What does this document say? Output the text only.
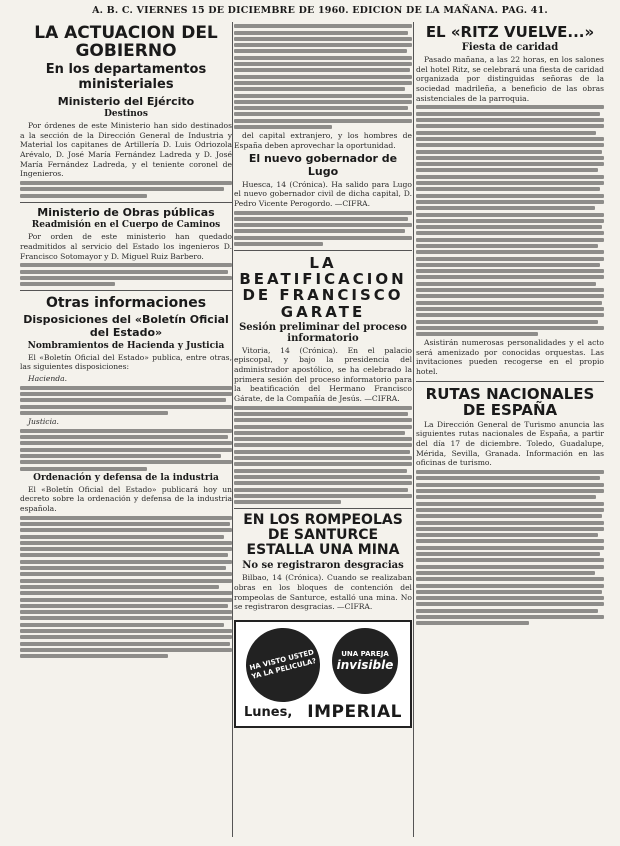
A. B. C. VIERNES 15 DE DICIEMBRE DE 1960. EDICION DE LA MAÑANA. PAG. 41.
LA ACTUACION DEL GOBIERNO
En los departamentos ministeriales
Ministerio del Ejército
Destinos
Por órdenes de este Ministerio han sido destinados a la sección de la Dirección General de Industria y Material los capitanes de Artillería D. Luis Odriozola Arévalo, D. José María Fernández Ladreda y D. José María Fernández Ladreda, y el teniente coronel de Ingenieros.
Ministerio de Obras públicas
Readmisión en el Cuerpo de Caminos
Por orden de este ministerio han quedado readmitidos al servicio del Estado los ingenieros D. Francisco Sotomayor y D. Miguel Ruiz Barbero.
Otras informaciones
Disposiciones del «Boletín Oficial del Estado»
Nombramientos de Hacienda y Justicia
El «Boletín Oficial del Estado» publica, entre otras, las siguientes disposiciones:
Hacienda.
Justicia.
Ordenación y defensa de la industria
El «Boletín Oficial del Estado» publicará hoy un decreto sobre la ordenación y defensa de la industria española.
del capital extranjero, y los hombres de España deben aprovechar la oportunidad.
El nuevo gobernador de Lugo
Huesca, 14 (Crónica). Ha salido para Lugo el nuevo gobernador civil de dicha capital, D. Pedro Vicente Perogordo. —CIFRA.
LA BEATIFICACION DE FRANCISCO GARATE
Sesión preliminar del proceso informatorio
Vitoria, 14 (Crónica). En el palacio episcopal, y bajo la presidencia del administrador apostólico, se ha celebrado la primera sesión del proceso informatorio para la beatificación del Hermano Francisco Gárate, de la Compañía de Jesús. —CIFRA.
EN LOS ROMPEOLAS DE SANTURCE ESTALLA UNA MINA
No se registraron desgracias
Bilbao, 14 (Crónica). Cuando se realizaban obras en los bloques de contención del rompeolas de Santurce, estalló una mina. No se registraron desgracias. —CIFRA.
HA VISTO USTED YA LA PELICULA?
UNA PAREJA
invisible
Lunes, IMPERIAL
EL «RITZ VUELVE...»
Fiesta de caridad
Pasado mañana, a las 22 horas, en los salones del hotel Ritz, se celebrará una fiesta de caridad organizada por distinguidas señoras de la sociedad madrileña, a beneficio de las obras asistenciales de la parroquia.
Asistirán numerosas personalidades y el acto será amenizado por conocidas orquestas. Las invitaciones pueden recogerse en el propio hotel.
RUTAS NACIONALES DE ESPAÑA
La Dirección General de Turismo anuncia las siguientes rutas nacionales de España, a partir del día 17 de diciembre. Toledo, Guadalupe, Mérida, Sevilla, Granada. Información en las oficinas de turismo.
